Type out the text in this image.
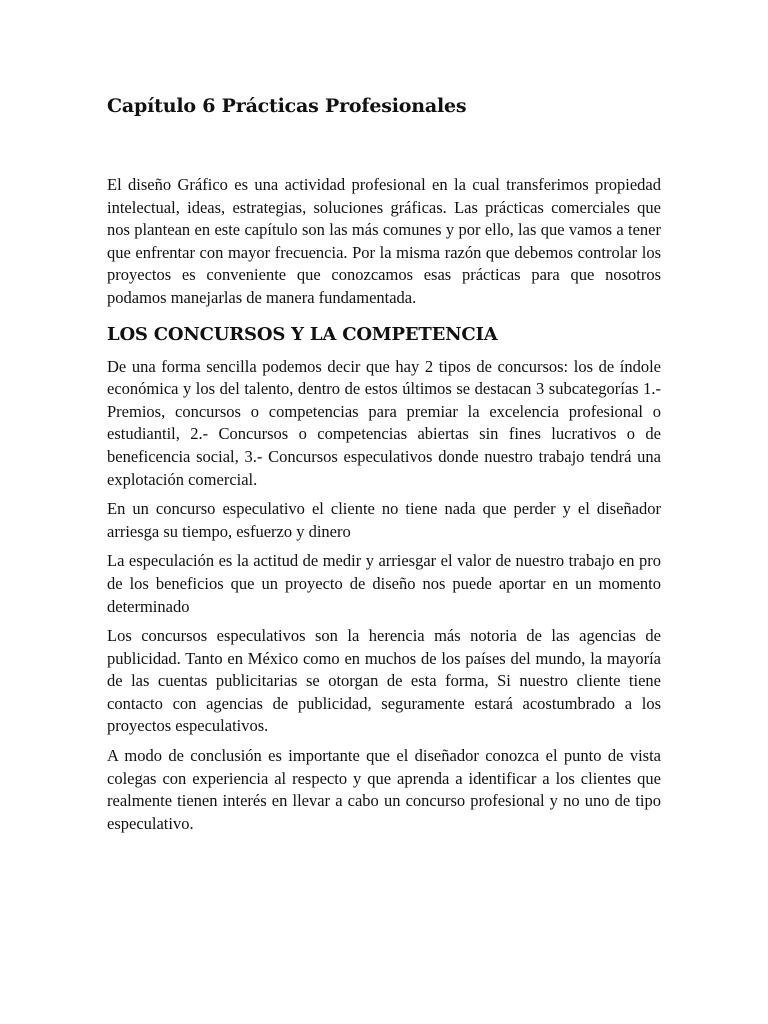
Capítulo 6 Prácticas Profesionales

El diseño Gráfico es una actividad profesional en la cual transferimos propiedad intelectual, ideas, estrategias, soluciones gráficas. Las prácticas comerciales que nos plantean en este capítulo son las más comunes y por ello, las que vamos a tener que enfrentar con mayor frecuencia. Por la misma razón que debemos controlar los proyectos es conveniente que conozcamos esas prácticas para que nosotros podamos manejarlas de manera fundamentada.

LOS CONCURSOS Y LA COMPETENCIA

De una forma sencilla podemos decir que hay 2 tipos de concursos: los de índole económica y los del talento, dentro de estos últimos se destacan 3 subcategorías 1.- Premios, concursos o competencias para premiar la excelencia profesional o estudiantil, 2.- Concursos o competencias abiertas sin fines lucrativos o de beneficencia social, 3.- Concursos especulativos donde nuestro trabajo tendrá una explotación comercial.

En un concurso especulativo el cliente no tiene nada que perder y el diseñador arriesga su tiempo, esfuerzo y dinero

La especulación es la actitud de medir y arriesgar el valor de nuestro trabajo en pro de los beneficios que un proyecto de diseño nos puede aportar en un momento determinado

Los concursos especulativos son la herencia más notoria de las agencias de publicidad. Tanto en México como en muchos de los países del mundo, la mayoría de las cuentas publicitarias se otorgan de esta forma, Si nuestro cliente tiene contacto con agencias de publicidad, seguramente estará acostumbrado a los proyectos especulativos.

A modo de conclusión es importante que el diseñador conozca el punto de vista colegas con experiencia al respecto y que aprenda a identificar a los clientes que realmente tienen interés en llevar a cabo un concurso profesional y no uno de tipo especulativo.
